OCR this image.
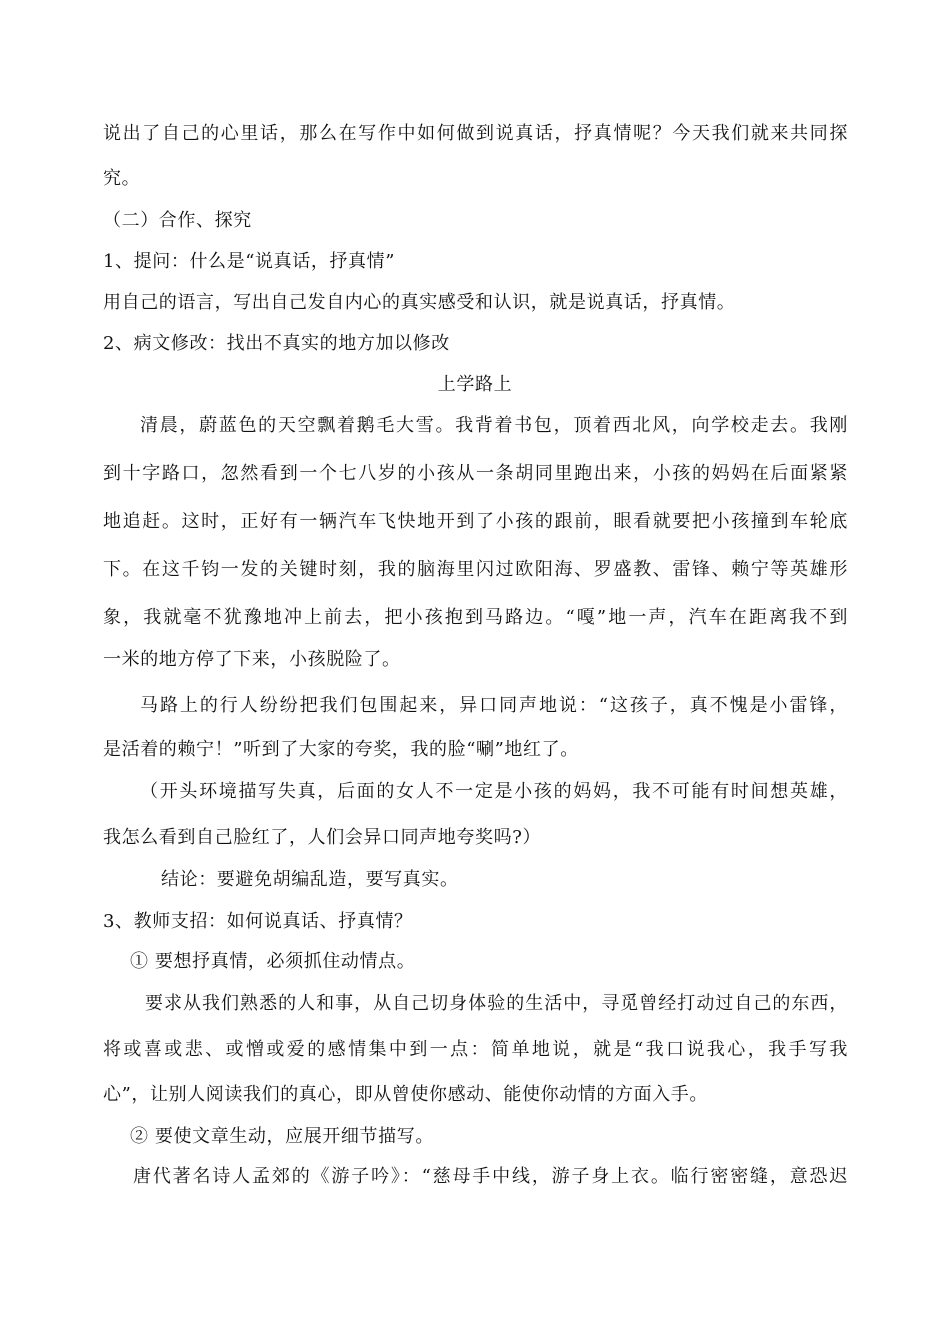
说出了自己的心里话，那么在写作中如何做到说真话，抒真情呢？今天我们就来共同探
究。
（二）合作、探究
1、提问：什么是“说真话，抒真情”
用自己的语言，写出自己发自内心的真实感受和认识，就是说真话，抒真情。
2、病文修改：找出不真实的地方加以修改
上学路上
清晨，蔚蓝色的天空飘着鹅毛大雪。我背着书包，顶着西北风，向学校走去。我刚
到十字路口，忽然看到一个七八岁的小孩从一条胡同里跑出来，小孩的妈妈在后面紧紧
地追赶。这时，正好有一辆汽车飞快地开到了小孩的跟前，眼看就要把小孩撞到车轮底
下。在这千钧一发的关键时刻，我的脑海里闪过欧阳海、罗盛教、雷锋、赖宁等英雄形
象，我就毫不犹豫地冲上前去，把小孩抱到马路边。“嘎”地一声，汽车在距离我不到
一米的地方停了下来，小孩脱险了。
马路上的行人纷纷把我们包围起来，异口同声地说：“这孩子，真不愧是小雷锋，
是活着的赖宁！”听到了大家的夸奖，我的脸“唰”地红了。
（开头环境描写失真，后面的女人不一定是小孩的妈妈，我不可能有时间想英雄，
我怎么看到自己脸红了，人们会异口同声地夸奖吗?）
结论：要避免胡编乱造，要写真实。
3、教师支招：如何说真话、抒真情？
① 要想抒真情，必须抓住动情点。
要求从我们熟悉的人和事，从自己切身体验的生活中，寻觅曾经打动过自己的东西，
将或喜或悲、或憎或爱的感情集中到一点：简单地说，就是“我口说我心，我手写我
心”，让别人阅读我们的真心，即从曾使你感动、能使你动情的方面入手。
② 要使文章生动，应展开细节描写。
唐代著名诗人孟郊的《游子吟》：“慈母手中线，游子身上衣。临行密密缝，意恐迟
